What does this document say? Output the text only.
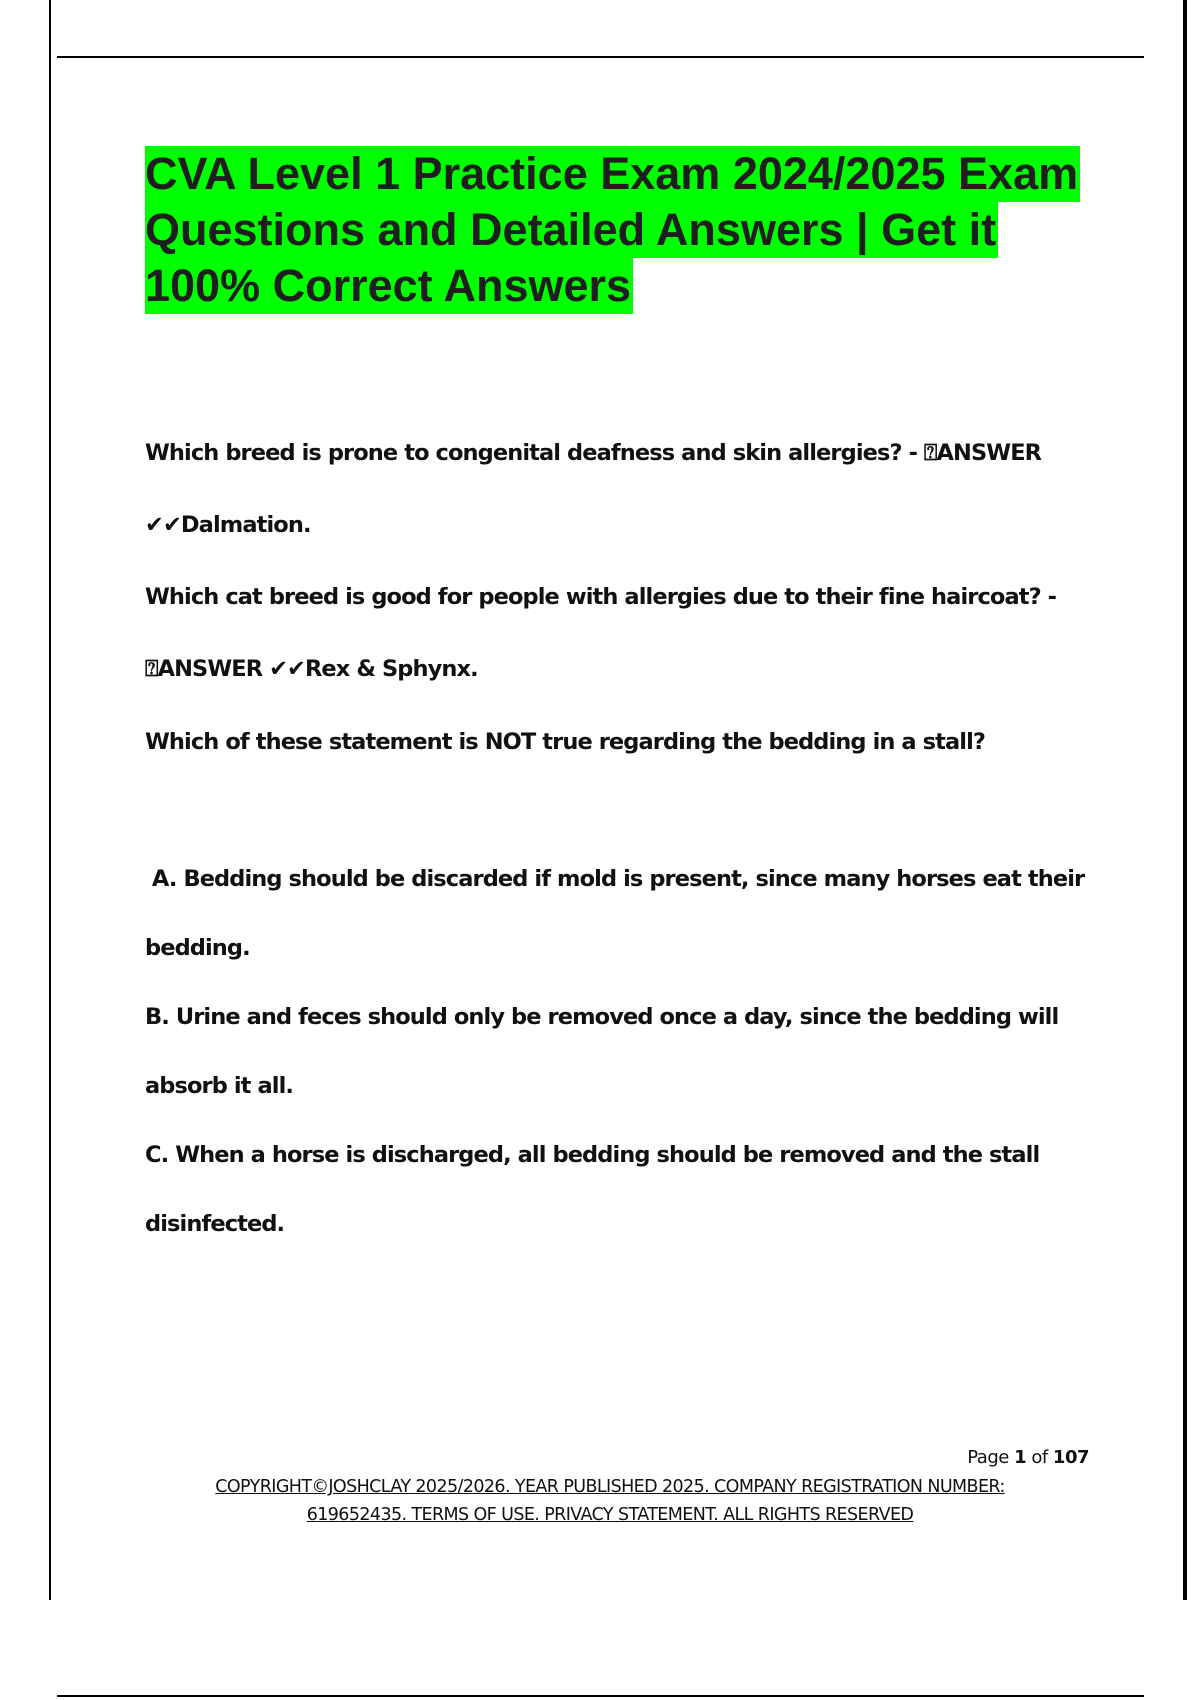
CVA Level 1 Practice Exam 2024/2025 Exam Questions and Detailed Answers | Get it 100% Correct Answers

Which breed is prone to congenital deafness and skin allergies? - ⍰ANSWER

✔✔Dalmation.

Which cat breed is good for people with allergies due to their fine haircoat? -

⍰ANSWER ✔✔Rex & Sphynx.

Which of these statement is NOT true regarding the bedding in a stall?

A. Bedding should be discarded if mold is present, since many horses eat their

bedding.

B. Urine and feces should only be removed once a day, since the bedding will

absorb it all.

C. When a horse is discharged, all bedding should be removed and the stall

disinfected.

Page 1 of 107
COPYRIGHT©JOSHCLAY 2025/2026. YEAR PUBLISHED 2025. COMPANY REGISTRATION NUMBER:
619652435. TERMS OF USE. PRIVACY STATEMENT. ALL RIGHTS RESERVED
